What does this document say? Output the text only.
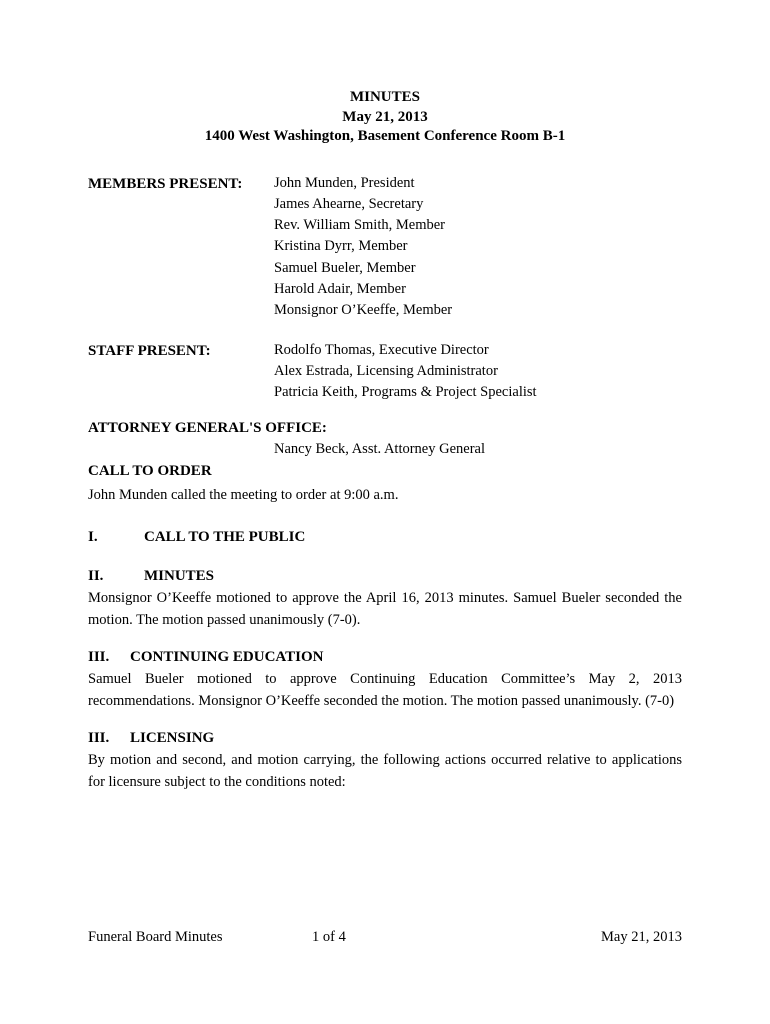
MINUTES
May 21, 2013
1400 West Washington, Basement Conference Room B-1
MEMBERS PRESENT:	John Munden, President
James Ahearne, Secretary
Rev. William Smith, Member
Kristina Dyrr, Member
Samuel Bueler, Member
Harold Adair, Member
Monsignor O’Keeffe, Member
STAFF PRESENT:	Rodolfo Thomas, Executive Director
Alex Estrada, Licensing Administrator
Patricia Keith, Programs & Project Specialist
ATTORNEY GENERAL'S OFFICE:
Nancy Beck, Asst. Attorney General
CALL TO ORDER
John Munden called the meeting to order at 9:00 a.m.
I.	CALL TO THE PUBLIC
II.	MINUTES
Monsignor O’Keeffe motioned to approve the April 16, 2013 minutes. Samuel Bueler seconded the motion. The motion passed unanimously (7-0).
III.	CONTINUING EDUCATION
Samuel Bueler motioned to approve Continuing Education Committee’s May 2, 2013 recommendations. Monsignor O’Keeffe seconded the motion. The motion passed unanimously. (7-0)
III.	LICENSING
By motion and second, and motion carrying, the following actions occurred relative to applications for licensure subject to the conditions noted:
Funeral Board Minutes	1 of 4	May 21, 2013
